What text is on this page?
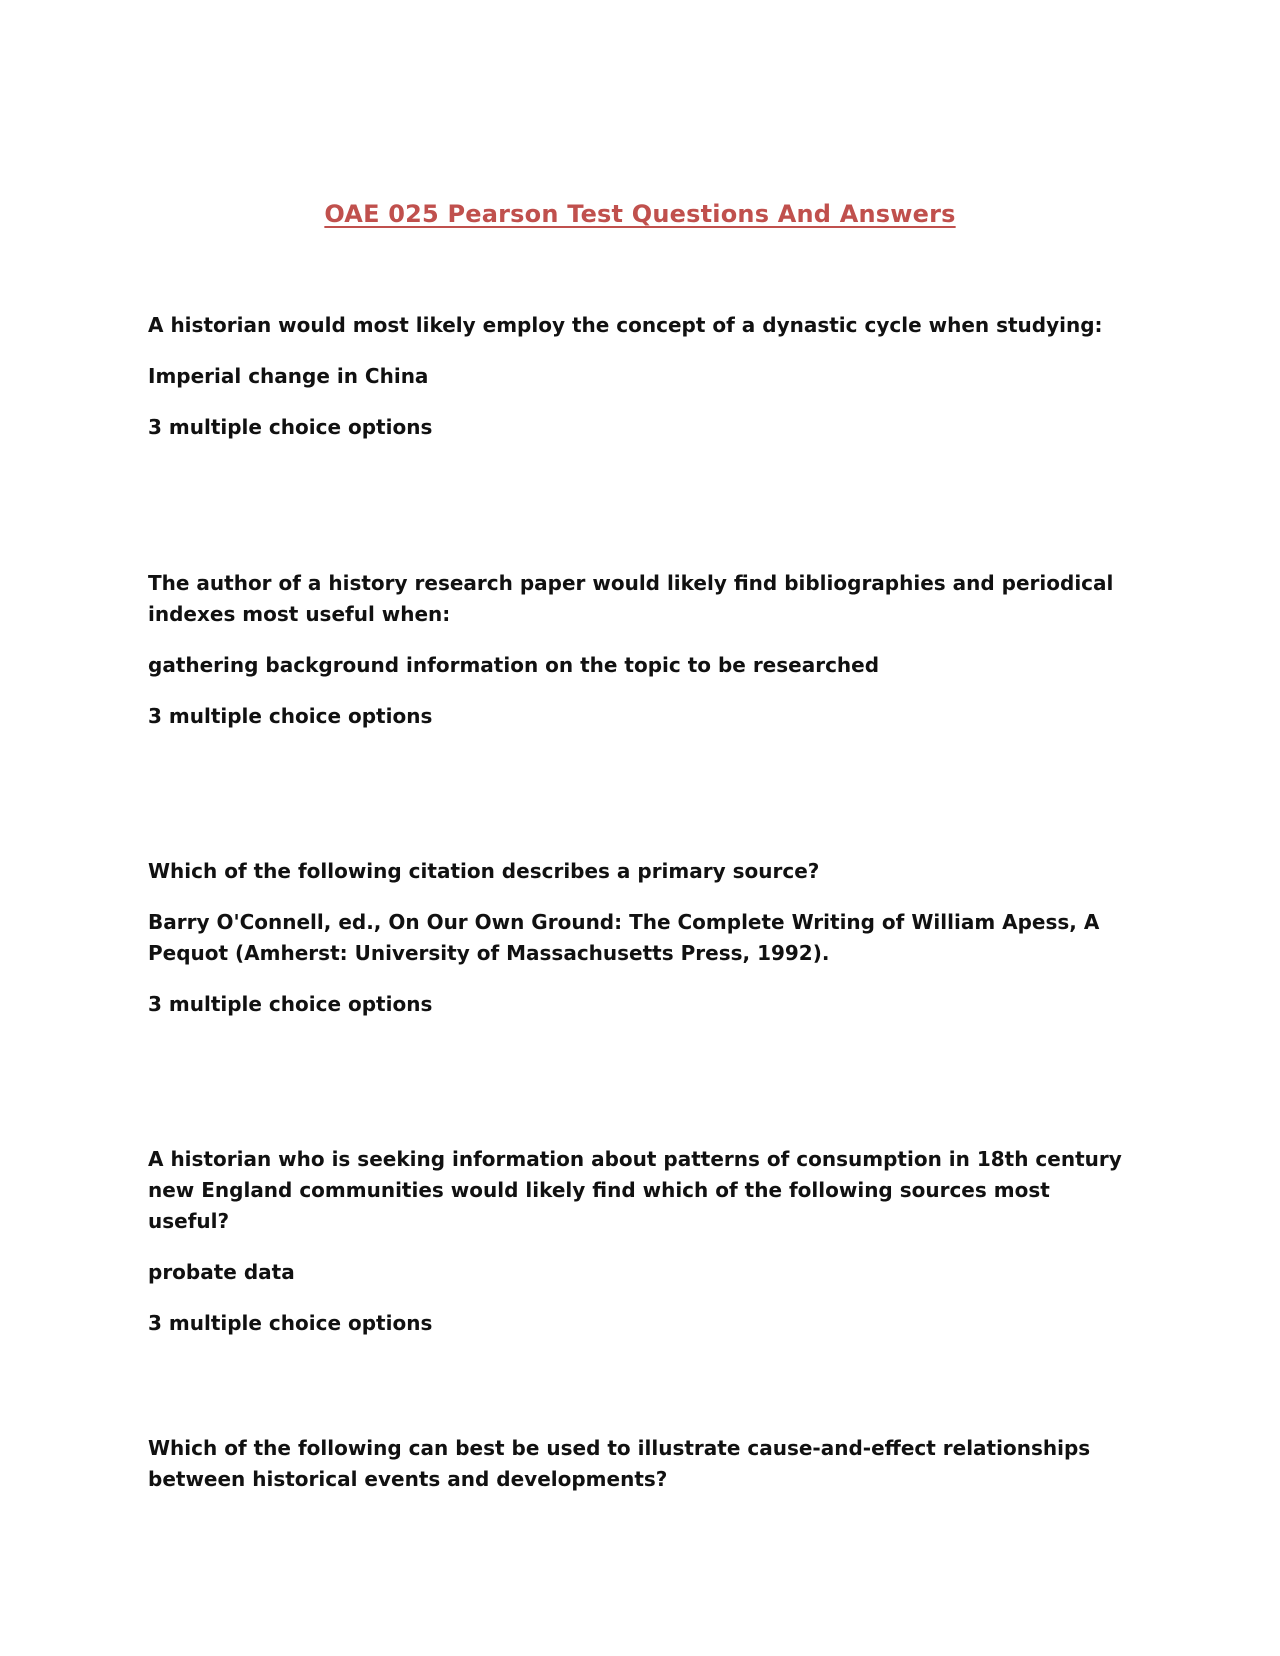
OAE 025 Pearson Test Questions And Answers

A historian would most likely employ the concept of a dynastic cycle when studying:

Imperial change in China

3 multiple choice options

The author of a history research paper would likely find bibliographies and periodical indexes most useful when:

gathering background information on the topic to be researched

3 multiple choice options

Which of the following citation describes a primary source?

Barry O'Connell, ed., On Our Own Ground: The Complete Writing of William Apess, A Pequot (Amherst: University of Massachusetts Press, 1992).

3 multiple choice options

A historian who is seeking information about patterns of consumption in 18th century new England communities would likely find which of the following sources most useful?

probate data

3 multiple choice options

Which of the following can best be used to illustrate cause-and-effect relationships between historical events and developments?
